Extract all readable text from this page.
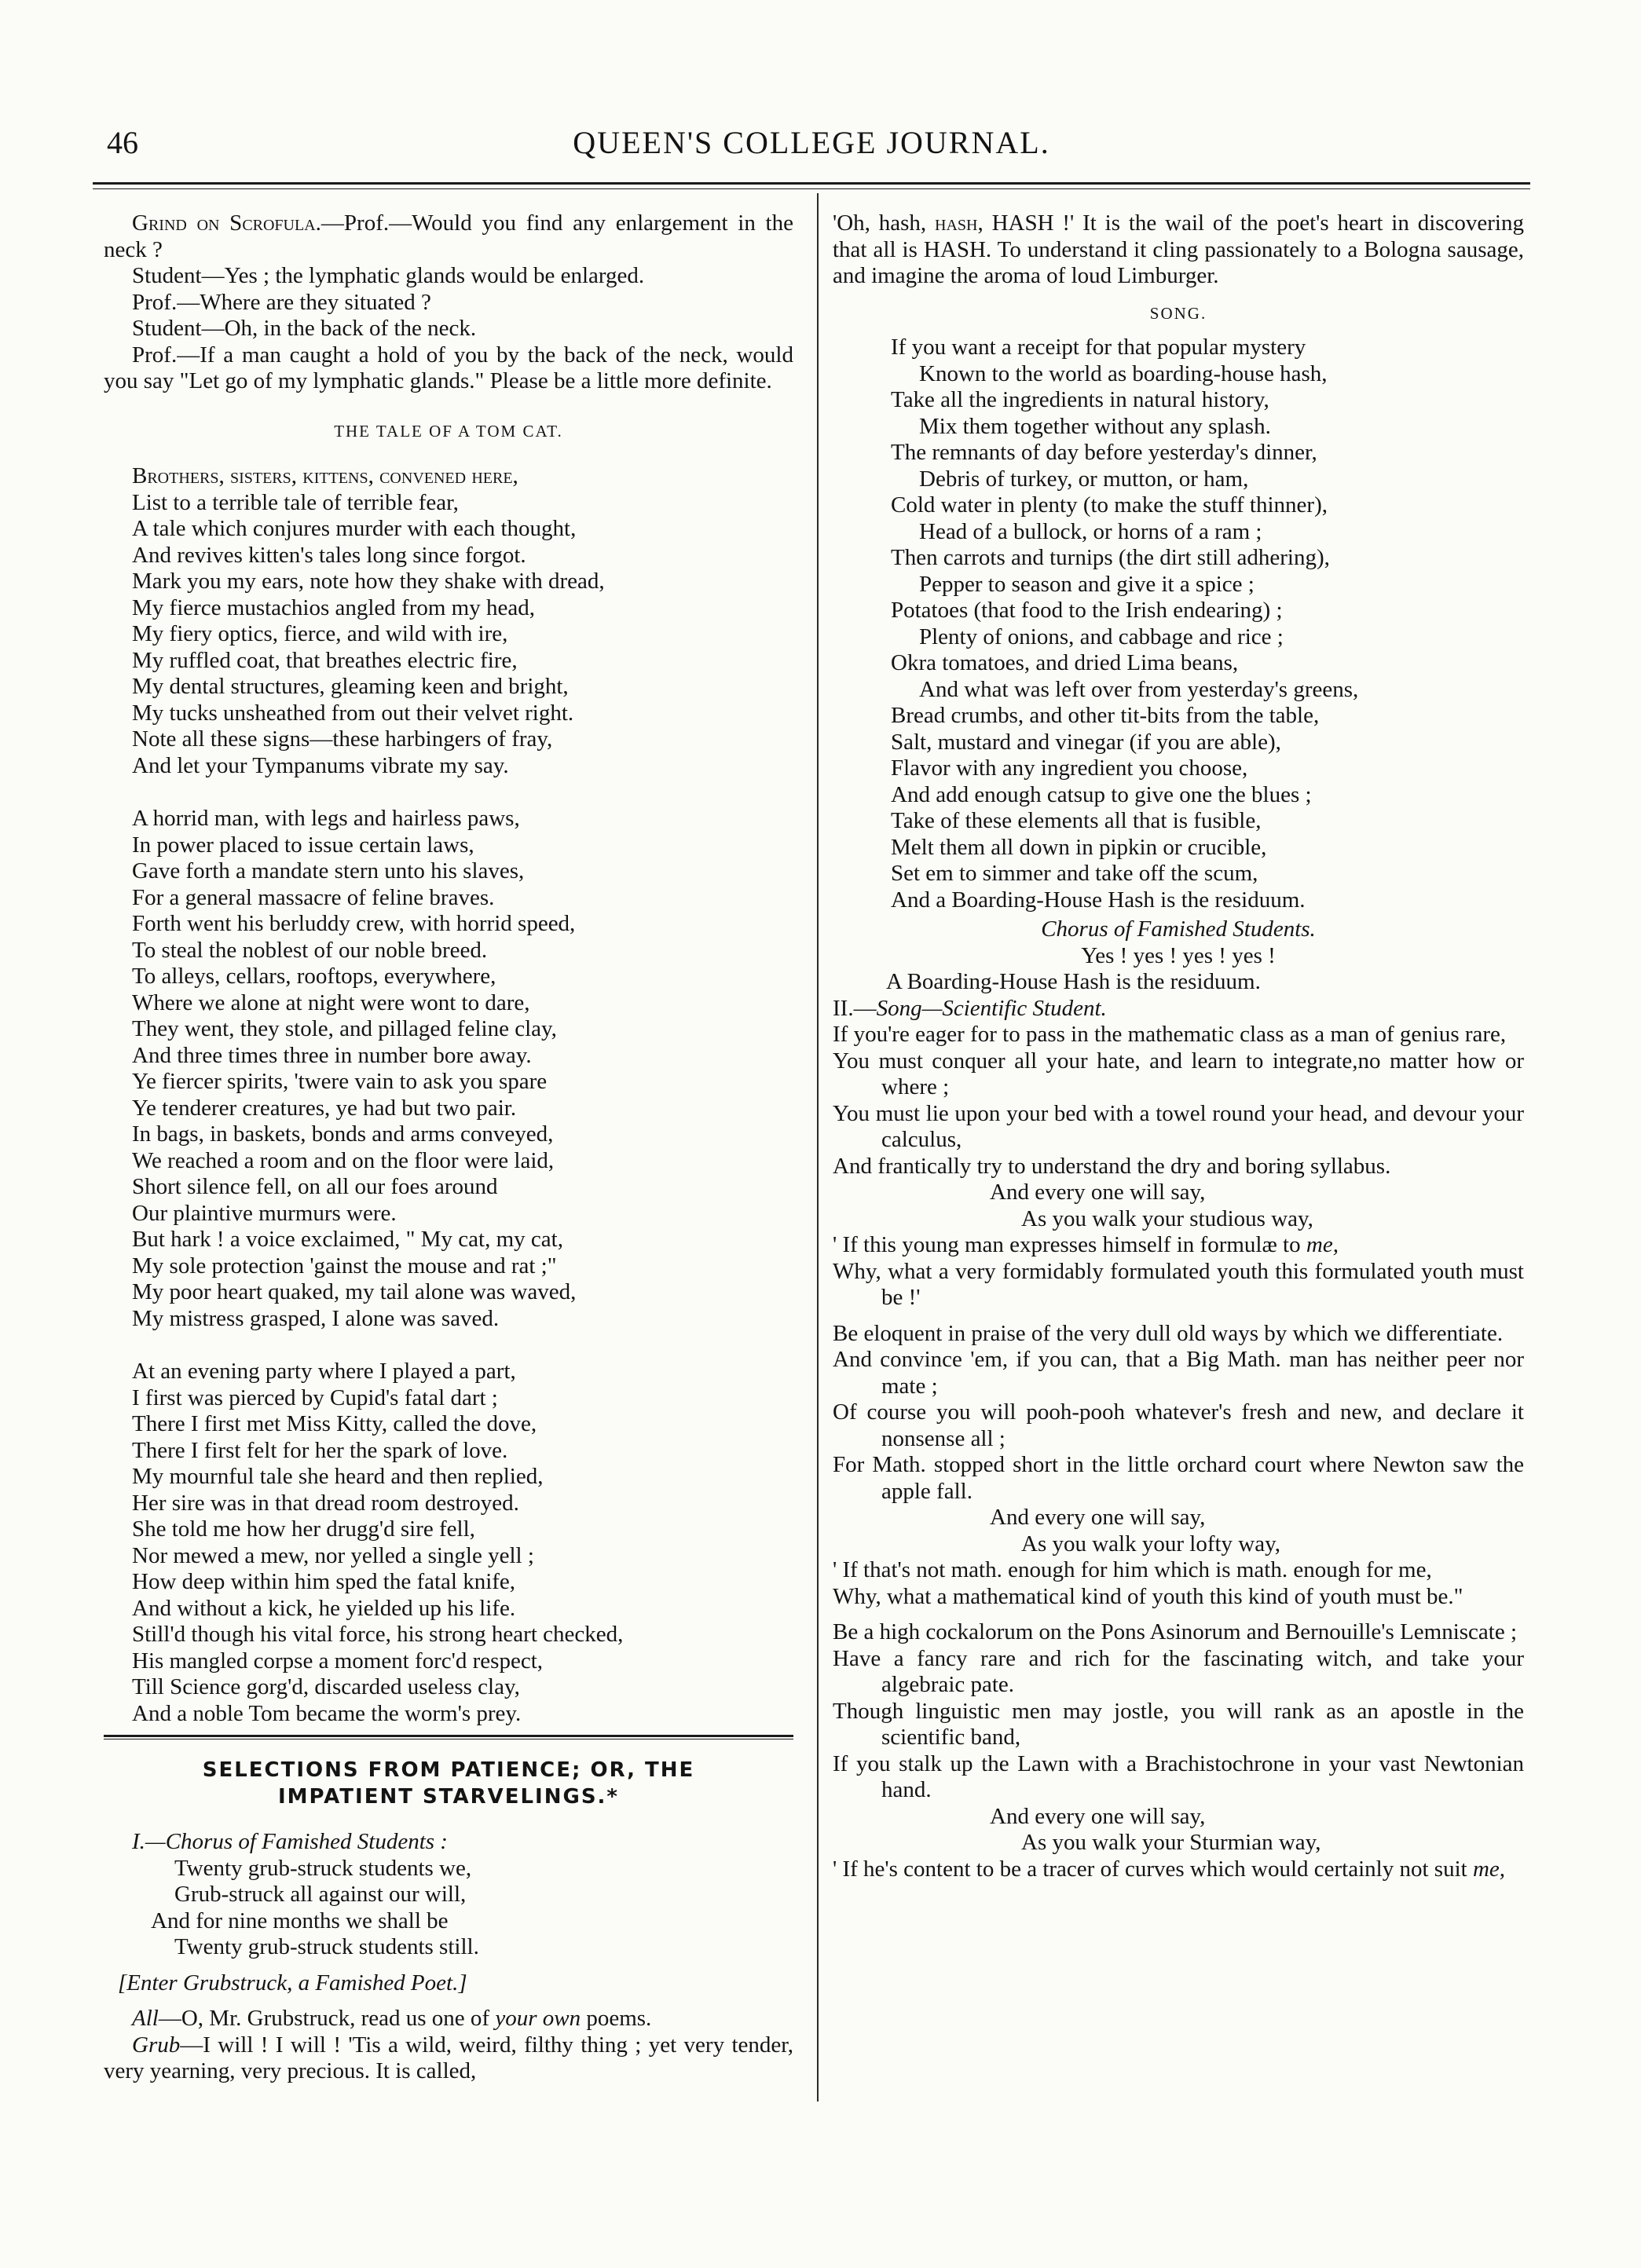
46	QUEEN'S COLLEGE JOURNAL.

Grind on Scrofula.—Prof.—Would you find any enlargement in the neck ?

Student—Yes ; the lymphatic glands would be enlarged.

Prof.—Where are they situated ?

Student—Oh, in the back of the neck.

Prof.—If a man caught a hold of you by the back of the neck, would you say "Let go of my lymphatic glands." Please be a little more definite.

THE TALE OF A TOM CAT.

Brothers, sisters, kittens, convened here,

List to a terrible tale of terrible fear,

A tale which conjures murder with each thought,

And revives kitten's tales long since forgot.

Mark you my ears, note how they shake with dread,

My fierce mustachios angled from my head,

My fiery optics, fierce, and wild with ire,

My ruffled coat, that breathes electric fire,

My dental structures, gleaming keen and bright,

My tucks unsheathed from out their velvet right.

Note all these signs—these harbingers of fray,

And let your Tympanums vibrate my say.

A horrid man, with legs and hairless paws,

In power placed to issue certain laws,

Gave forth a mandate stern unto his slaves,

For a general massacre of feline braves.

Forth went his berluddy crew, with horrid speed,

To steal the noblest of our noble breed.

To alleys, cellars, rooftops, everywhere,

Where we alone at night were wont to dare,

They went, they stole, and pillaged feline clay,

And three times three in number bore away.

Ye fiercer spirits, 'twere vain to ask you spare

Ye tenderer creatures, ye had but two pair.

In bags, in baskets, bonds and arms conveyed,

We reached a room and on the floor were laid,

Short silence fell, on all our foes around

Our plaintive murmurs were.

But hark ! a voice exclaimed, " My cat, my cat,

My sole protection 'gainst the mouse and rat ;"

My poor heart quaked, my tail alone was waved,

My mistress grasped, I alone was saved.

At an evening party where I played a part,

I first was pierced by Cupid's fatal dart ;

There I first met Miss Kitty, called the dove,

There I first felt for her the spark of love.

My mournful tale she heard and then replied,

Her sire was in that dread room destroyed.

She told me how her drugg'd sire fell,

Nor mewed a mew, nor yelled a single yell ;

How deep within him sped the fatal knife,

And without a kick, he yielded up his life.

Still'd though his vital force, his strong heart checked,

His mangled corpse a moment forc'd respect,

Till Science gorg'd, discarded useless clay,

And a noble Tom became the worm's prey.

SELECTIONS FROM PATIENCE; OR, THE
IMPATIENT STARVELINGS.*

I.—Chorus of Famished Students :

Twenty grub-struck students we,

Grub-struck all against our will,

And for nine months we shall be

Twenty grub-struck students still.

[Enter Grubstruck, a Famished Poet.]

All—O, Mr. Grubstruck, read us one of your own poems.

Grub—I will ! I will ! 'Tis a wild, weird, filthy thing ; yet very tender, very yearning, very precious. It is called,

'Oh, hash, hash, HASH !' It is the wail of the poet's heart in discovering that all is HASH. To understand it cling passionately to a Bologna sausage, and imagine the aroma of loud Limburger.

SONG.

If you want a receipt for that popular mystery

Known to the world as boarding-house hash,

Take all the ingredients in natural history,

Mix them together without any splash.

The remnants of day before yesterday's dinner,

Debris of turkey, or mutton, or ham,

Cold water in plenty (to make the stuff thinner),

Head of a bullock, or horns of a ram ;

Then carrots and turnips (the dirt still adhering),

Pepper to season and give it a spice ;

Potatoes (that food to the Irish endearing) ;

Plenty of onions, and cabbage and rice ;

Okra tomatoes, and dried Lima beans,

And what was left over from yesterday's greens,

Bread crumbs, and other tit-bits from the table,

Salt, mustard and vinegar (if you are able),

Flavor with any ingredient you choose,

And add enough catsup to give one the blues ;

Take of these elements all that is fusible,

Melt them all down in pipkin or crucible,

Set em to simmer and take off the scum,

And a Boarding-House Hash is the residuum.

Chorus of Famished Students.

Yes ! yes ! yes ! yes !

A Boarding-House Hash is the residuum.

II.—Song—Scientific Student.

If you're eager for to pass in the mathematic class as a man of genius rare,

You must conquer all your hate, and learn to integrate,no matter how or where ;

You must lie upon your bed with a towel round your head, and devour your calculus,

And frantically try to understand the dry and boring syllabus.

And every one will say,

As you walk your studious way,

' If this young man expresses himself in formulæ to me,

Why, what a very formidably formulated youth this formulated youth must be !'

Be eloquent in praise of the very dull old ways by which we differentiate.

And convince 'em, if you can, that a Big Math. man has neither peer nor mate ;

Of course you will pooh-pooh whatever's fresh and new, and declare it nonsense all ;

For Math. stopped short in the little orchard court where Newton saw the apple fall.

And every one will say,

As you walk your lofty way,

' If that's not math. enough for him which is math. enough for me,

Why, what a mathematical kind of youth this kind of youth must be."

Be a high cockalorum on the Pons Asinorum and Bernouille's Lemniscate ;

Have a fancy rare and rich for the fascinating witch, and take your algebraic pate.

Though linguistic men may jostle, you will rank as an apostle in the scientific band,

If you stalk up the Lawn with a Brachistochrone in your vast Newtonian hand.

And every one will say,

As you walk your Sturmian way,

' If he's content to be a tracer of curves which would certainly not suit me,
